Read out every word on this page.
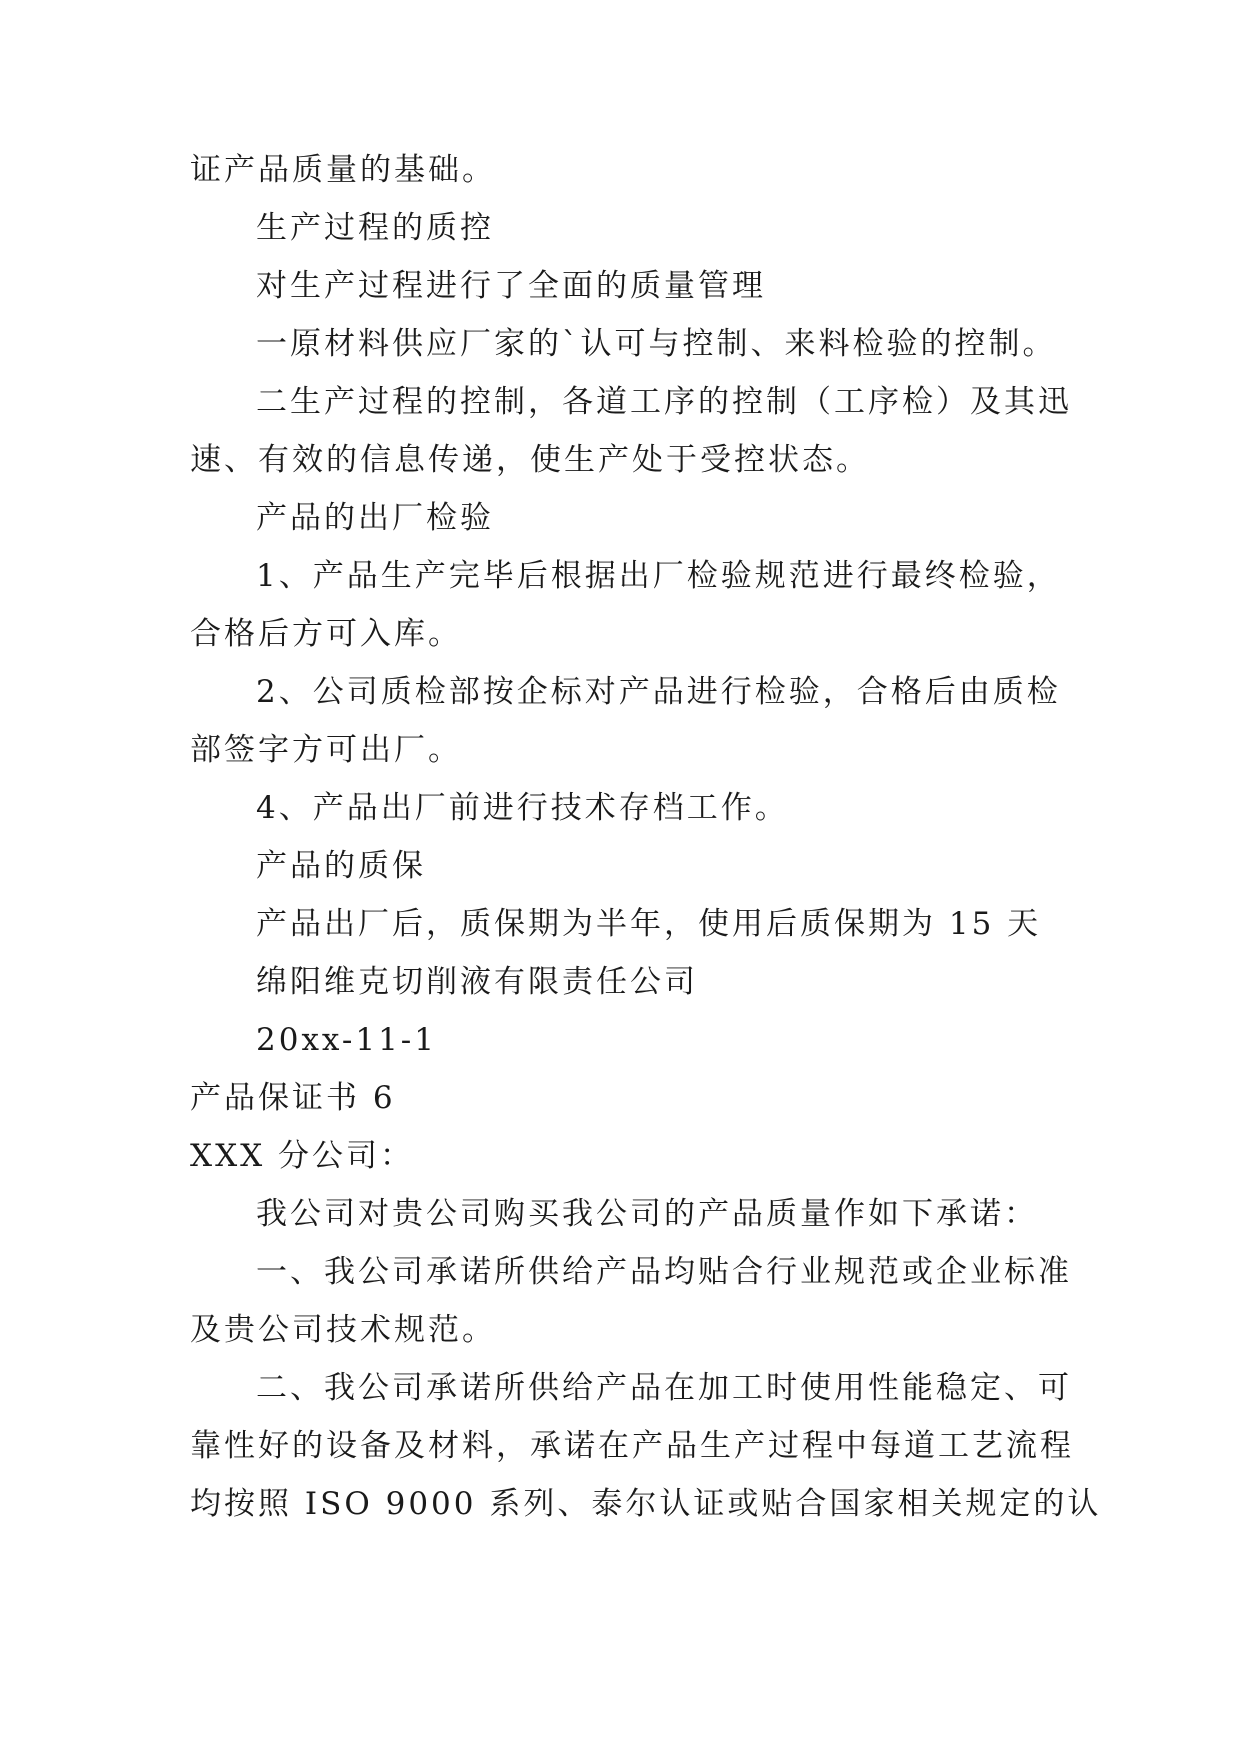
证产品质量的基础。
生产过程的质控
对生产过程进行了全面的质量管理
一原材料供应厂家的`认可与控制、来料检验的控制。
二生产过程的控制，各道工序的控制（工序检）及其迅
速、有效的信息传递，使生产处于受控状态。
产品的出厂检验
1、产品生产完毕后根据出厂检验规范进行最终检验，
合格后方可入库。
2、公司质检部按企标对产品进行检验，合格后由质检
部签字方可出厂。
4、产品出厂前进行技术存档工作。
产品的质保
产品出厂后，质保期为半年，使用后质保期为 15 天
绵阳维克切削液有限责任公司
20xx-11-1
产品保证书 6
XXX 分公司：
我公司对贵公司购买我公司的产品质量作如下承诺：
一、我公司承诺所供给产品均贴合行业规范或企业标准
及贵公司技术规范。
二、我公司承诺所供给产品在加工时使用性能稳定、可
靠性好的设备及材料，承诺在产品生产过程中每道工艺流程
均按照 ISO 9000 系列、泰尔认证或贴合国家相关规定的认
